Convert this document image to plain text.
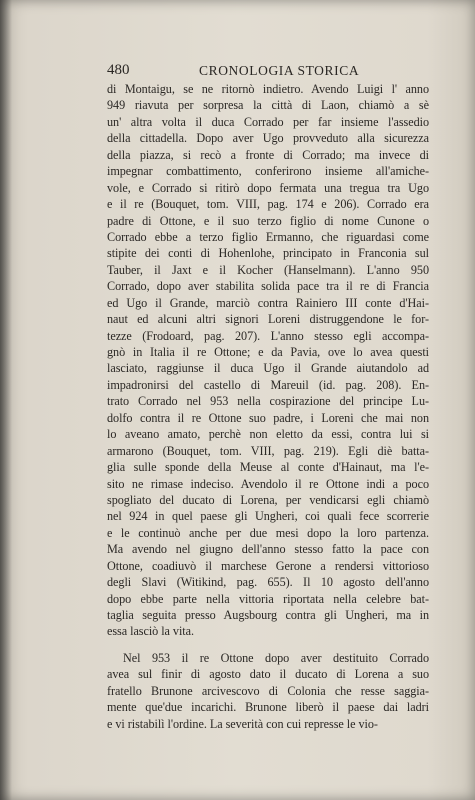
480	CRONOLOGIA STORICA
di Montaigu, se ne ritornò indietro. Avendo Luigi l' anno
949 riavuta per sorpresa la città di Laon, chiamò a sè
un' altra volta il duca Corrado per far insieme l'assedio
della cittadella. Dopo aver Ugo provveduto alla sicurezza
della piazza, si recò a fronte di Corrado; ma invece di
impegnar combattimento, conferirono insieme all'amiche-
vole, e Corrado si ritirò dopo fermata una tregua tra Ugo
e il re (Bouquet, tom. VIII, pag. 174 e 206). Corrado era
padre di Ottone, e il suo terzo figlio di nome Cunone o
Corrado ebbe a terzo figlio Ermanno, che riguardasi come
stipite dei conti di Hohenlohe, principato in Franconia sul
Tauber, il Jaxt e il Kocher (Hanselmann). L'anno 950
Corrado, dopo aver stabilita solida pace tra il re di Francia
ed Ugo il Grande, marciò contra Rainiero III conte d'Hai-
naut ed alcuni altri signori Loreni distruggendone le for-
tezze (Frodoard, pag. 207). L'anno stesso egli accompa-
gnò in Italia il re Ottone; e da Pavia, ove lo avea questi
lasciato, raggiunse il duca Ugo il Grande aiutandolo ad
impadronirsi del castello di Mareuil (id. pag. 208). En-
trato Corrado nel 953 nella cospirazione del principe Lu-
dolfo contra il re Ottone suo padre, i Loreni che mai non
lo aveano amato, perchè non eletto da essi, contra lui si
armarono (Bouquet, tom. VIII, pag. 219). Egli diè batta-
glia sulle sponde della Meuse al conte d'Hainaut, ma l'e-
sito ne rimase indeciso. Avendolo il re Ottone indi a poco
spogliato del ducato di Lorena, per vendicarsi egli chiamò
nel 924 in quel paese gli Ungheri, coi quali fece scorrerie
e le continuò anche per due mesi dopo la loro partenza.
Ma avendo nel giugno dell'anno stesso fatto la pace con
Ottone, coadiuvò il marchese Gerone a rendersi vittorioso
degli Slavi (Witikind, pag. 655). Il 10 agosto dell'anno
dopo ebbe parte nella vittoria riportata nella celebre bat-
taglia seguita presso Augsbourg contra gli Ungheri, ma in
essa lasciò la vita.
Nel 953 il re Ottone dopo aver destituito Corrado
avea sul finir di agosto dato il ducato di Lorena a suo
fratello Brunone arcivescovo di Colonia che resse saggia-
mente que'due incarichi. Brunone liberò il paese dai ladri
e vi ristabilì l'ordine. La severità con cui represse le vio-
